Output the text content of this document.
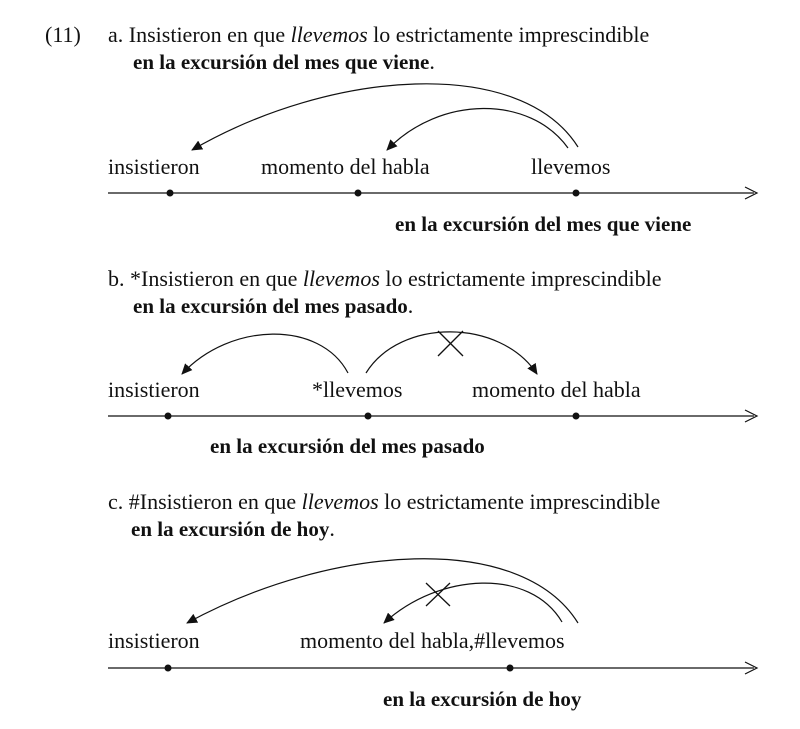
(11) a. Insistieron en que llevemos lo estrictamente imprescindible
en la excursión del mes que viene.
insistieron	momento del habla	llevemos
en la excursión del mes que viene
b. *Insistieron en que llevemos lo estrictamente imprescindible
en la excursión del mes pasado.
insistieron	*llevemos	momento del habla
en la excursión del mes pasado
c. #Insistieron en que llevemos lo estrictamente imprescindible
en la excursión de hoy.
insistieron	momento del habla,#llevemos
en la excursión de hoy
